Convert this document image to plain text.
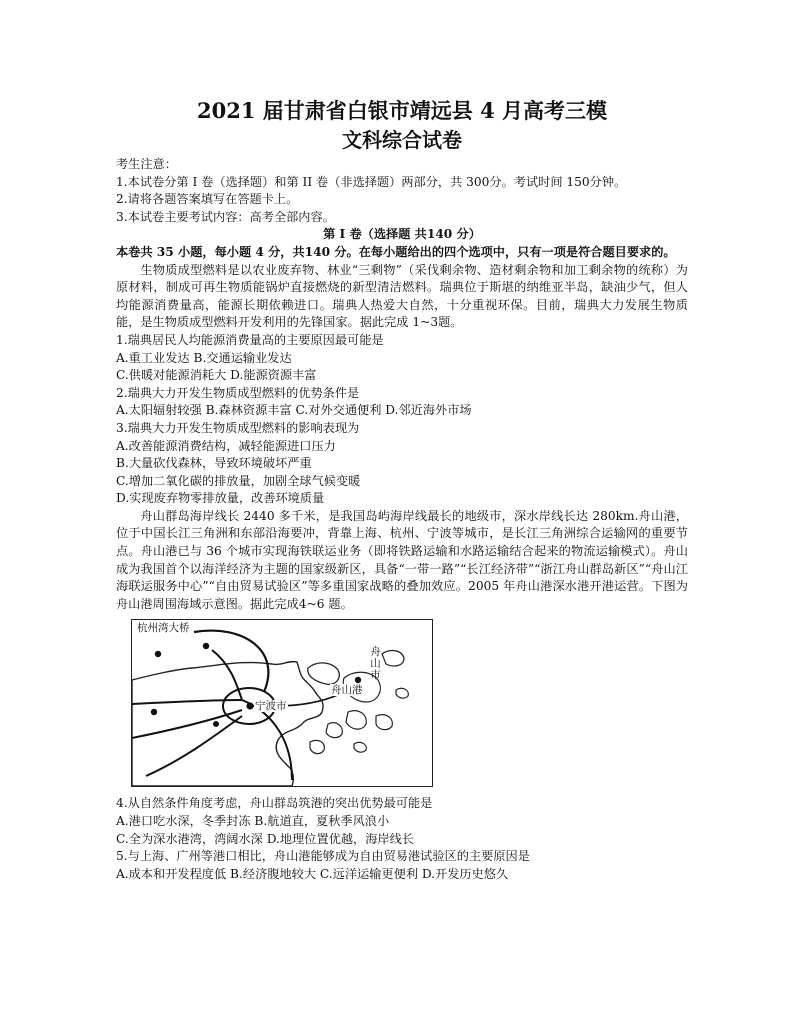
2021 届甘肃省白银市靖远县 4 月高考三模
文科综合试卷

考生注意：

1.本试卷分第 I 卷（选择题）和第 II 卷（非选择题）两部分，共 300分。考试时间 150分钟。

2.请将各题答案填写在答题卡上。

3.本试卷主要考试内容：高考全部内容。

第 I 卷（选择题 共140 分）

本卷共 35 小题，每小题 4 分，共140 分。在每小题给出的四个选项中，只有一项是符合题目要求的。

生物质成型燃料是以农业废弃物、林业“三剩物”（采伐剩余物、造材剩余物和加工剩余物的统称）为原材料，制成可再生物质能锅炉直接燃烧的新型清洁燃料。瑞典位于斯堪的纳维亚半岛，缺油少气，但人均能源消费量高，能源长期依赖进口。瑞典人热爱大自然，十分重视环保。目前，瑞典大力发展生物质能，是生物质成型燃料开发利用的先锋国家。据此完成 1~3题。

1.瑞典居民人均能源消费量高的主要原因最可能是

A.重工业发达 B.交通运输业发达

C.供暖对能源消耗大 D.能源资源丰富

2.瑞典大力开发生物质成型燃料的优势条件是

A.太阳辐射较强 B.森林资源丰富 C.对外交通便利 D.邻近海外市场

3.瑞典大力开发生物质成型燃料的影响表现为

A.改善能源消费结构，减轻能源进口压力

B.大量砍伐森林，导致环境破坏严重

C.增加二氧化碳的排放量，加剧全球气候变暖

D.实现废弃物零排放量，改善环境质量

舟山群岛海岸线长 2440 多千米，是我国岛屿海岸线最长的地级市，深水岸线长达 280km.舟山港，位于中国长江三角洲和东部沿海要冲，背靠上海、杭州、宁波等城市，是长江三角洲综合运输网的重要节点。舟山港已与 36 个城市实现海铁联运业务（即将铁路运输和水路运输结合起来的物流运输模式）。舟山成为我国首个以海洋经济为主题的国家级新区，具备“一带一路”“长江经济带”“浙江舟山群岛新区”“舟山江海联运服务中心”“自由贸易试验区”等多重国家战略的叠加效应。2005 年舟山港深水港开港运营。下图为舟山港周围海域示意图。据此完成4~6 题。

杭州湾大桥
宁波市
舟山港
舟山市

4.从自然条件角度考虑，舟山群岛筑港的突出优势最可能是

A.港口吃水深，冬季封冻 B.航道直，夏秋季风浪小

C.全为深水港湾，湾阔水深 D.地理位置优越，海岸线长

5.与上海、广州等港口相比，舟山港能够成为自由贸易港试验区的主要原因是

A.成本和开发程度低 B.经济腹地较大 C.远洋运输更便利 D.开发历史悠久
